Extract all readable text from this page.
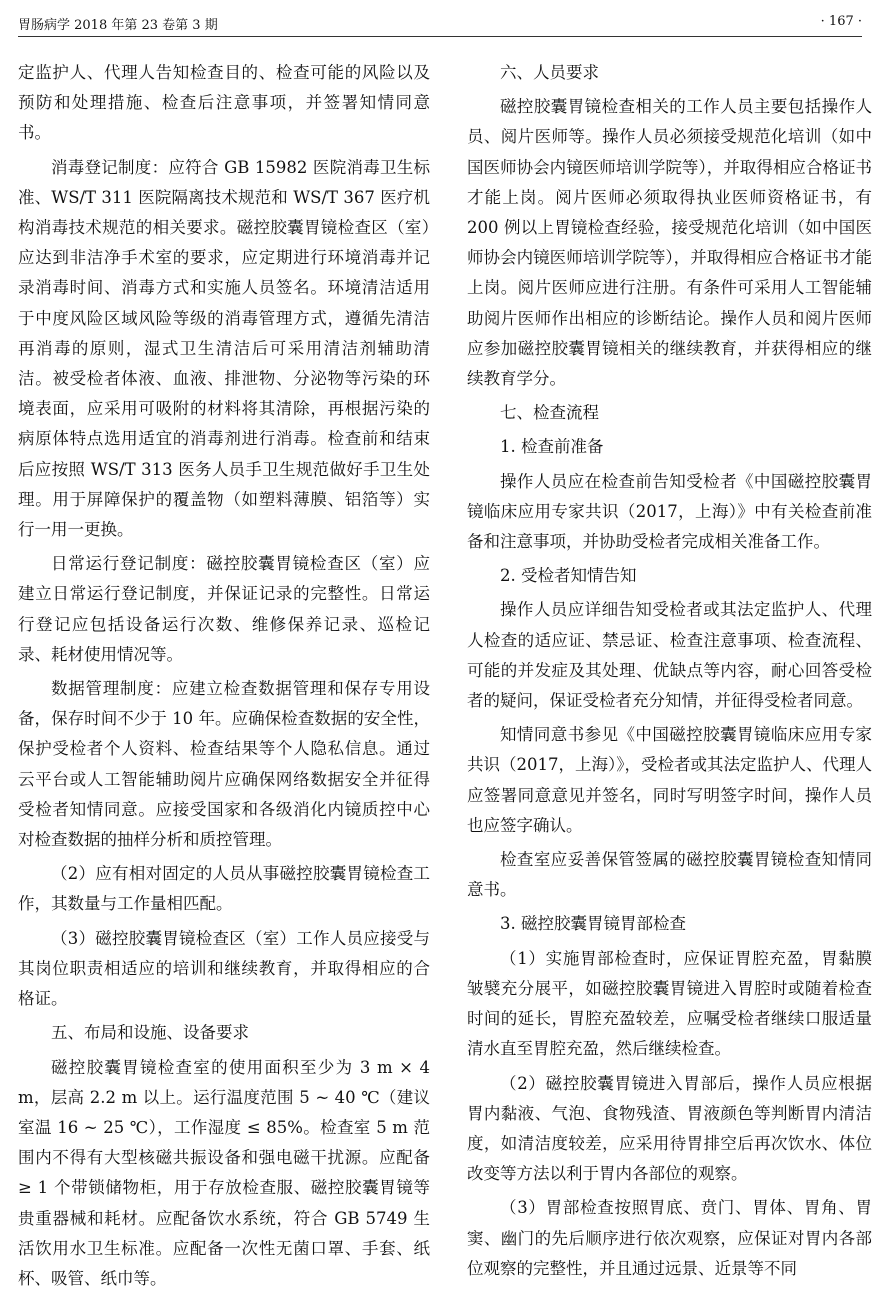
胃肠病学 2018 年第 23 卷第 3 期	· 167 ·

定监护人、代理人告知检查目的、检查可能的风险以及预防和处理措施、检查后注意事项，并签署知情同意书。

消毒登记制度：应符合 GB 15982 医院消毒卫生标准、WS/T 311 医院隔离技术规范和 WS/T 367 医疗机构消毒技术规范的相关要求。磁控胶囊胃镜检查区（室）应达到非洁净手术室的要求，应定期进行环境消毒并记录消毒时间、消毒方式和实施人员签名。环境清洁适用于中度风险区域风险等级的消毒管理方式，遵循先清洁再消毒的原则，湿式卫生清洁后可采用清洁剂辅助清洁。被受检者体液、血液、排泄物、分泌物等污染的环境表面，应采用可吸附的材料将其清除，再根据污染的病原体特点选用适宜的消毒剂进行消毒。检查前和结束后应按照 WS/T 313 医务人员手卫生规范做好手卫生处理。用于屏障保护的覆盖物（如塑料薄膜、铝箔等）实行一用一更换。

日常运行登记制度：磁控胶囊胃镜检查区（室）应建立日常运行登记制度，并保证记录的完整性。日常运行登记应包括设备运行次数、维修保养记录、巡检记录、耗材使用情况等。

数据管理制度：应建立检查数据管理和保存专用设备，保存时间不少于 10 年。应确保检查数据的安全性，保护受检者个人资料、检查结果等个人隐私信息。通过云平台或人工智能辅助阅片应确保网络数据安全并征得受检者知情同意。应接受国家和各级消化内镜质控中心对检查数据的抽样分析和质控管理。

（2）应有相对固定的人员从事磁控胶囊胃镜检查工作，其数量与工作量相匹配。

（3）磁控胶囊胃镜检查区（室）工作人员应接受与其岗位职责相适应的培训和继续教育，并取得相应的合格证。

五、布局和设施、设备要求

磁控胶囊胃镜检查室的使用面积至少为 3 m × 4 m，层高 2.2 m 以上。运行温度范围 5 ~ 40 ℃（建议室温 16 ~ 25 ℃），工作湿度 ≤ 85%。检查室 5 m 范围内不得有大型核磁共振设备和强电磁干扰源。应配备 ≥ 1 个带锁储物柜，用于存放检查服、磁控胶囊胃镜等贵重器械和耗材。应配备饮水系统，符合 GB 5749 生活饮用水卫生标准。应配备一次性无菌口罩、手套、纸杯、吸管、纸巾等。

六、人员要求

磁控胶囊胃镜检查相关的工作人员主要包括操作人员、阅片医师等。操作人员必须接受规范化培训（如中国医师协会内镜医师培训学院等），并取得相应合格证书才能上岗。阅片医师必须取得执业医师资格证书，有 200 例以上胃镜检查经验，接受规范化培训（如中国医师协会内镜医师培训学院等），并取得相应合格证书才能上岗。阅片医师应进行注册。有条件可采用人工智能辅助阅片医师作出相应的诊断结论。操作人员和阅片医师应参加磁控胶囊胃镜相关的继续教育，并获得相应的继续教育学分。

七、检查流程

1. 检查前准备

操作人员应在检查前告知受检者《中国磁控胶囊胃镜临床应用专家共识（2017，上海）》中有关检查前准备和注意事项，并协助受检者完成相关准备工作。

2. 受检者知情告知

操作人员应详细告知受检者或其法定监护人、代理人检查的适应证、禁忌证、检查注意事项、检查流程、可能的并发症及其处理、优缺点等内容，耐心回答受检者的疑问，保证受检者充分知情，并征得受检者同意。

知情同意书参见《中国磁控胶囊胃镜临床应用专家共识（2017，上海）》，受检者或其法定监护人、代理人应签署同意意见并签名，同时写明签字时间，操作人员也应签字确认。

检查室应妥善保管签属的磁控胶囊胃镜检查知情同意书。

3. 磁控胶囊胃镜胃部检查

（1）实施胃部检查时，应保证胃腔充盈，胃黏膜皱襞充分展平，如磁控胶囊胃镜进入胃腔时或随着检查时间的延长，胃腔充盈较差，应嘱受检者继续口服适量清水直至胃腔充盈，然后继续检查。

（2）磁控胶囊胃镜进入胃部后，操作人员应根据胃内黏液、气泡、食物残渣、胃液颜色等判断胃内清洁度，如清洁度较差，应采用待胃排空后再次饮水、体位改变等方法以利于胃内各部位的观察。

（3）胃部检查按照胃底、贲门、胃体、胃角、胃窦、幽门的先后顺序进行依次观察，应保证对胃内各部位观察的完整性，并且通过远景、近景等不同
